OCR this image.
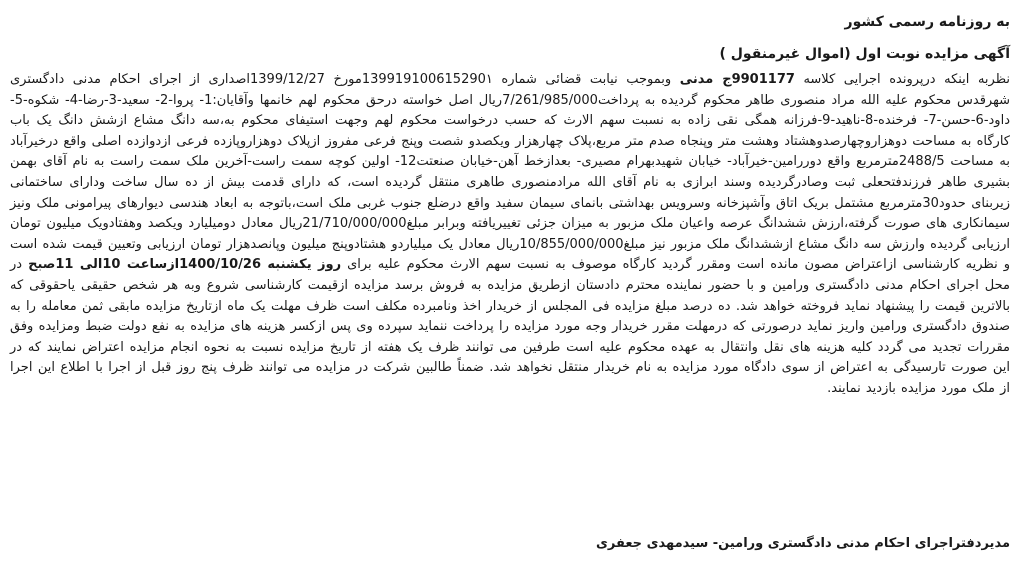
به روزنامه رسمی کشور
آگهی مزایده نوبت اول (اموال غیرمنقول )

نظربه اینکه درپرونده اجرایی کلاسه 9901177ج مدنی وبموجب نیابت قضائی شماره 139919100615290۱مورخ 1399/12/27اصداری از اجرای احکام مدنی دادگستری شهرقدس محکوم علیه الله مراد منصوری طاهر محکوم گردیده به پرداخت7/261/985/000ریال اصل خواسته درحق محکوم لهم خانمها وآقایان:1- پروا-2- سعید-3-رضا-4- شکوه-5- داود-6-حسن-7- فرخنده-8-ناهید-9-فرزانه همگی نقی زاده به نسبت سهم الارث که حسب درخواست محکوم لهم وجهت استیفای محکوم به،سه دانگ مشاع ازشش دانگ یک باب کارگاه به مساحت دوهزاروچهارصدوهشتاد وهشت متر وپنجاه صدم متر مربع،پلاک چهارهزار ویکصدو شصت وپنج فرعی مفروز ازپلاک دوهزاروپازده فرعی ازدوازده اصلی واقع درخیرآباد به مساحت 2488/5مترمربع واقع دوررامین-خیرآباد- خیابان شهیدبهرام مصیری- بعدازخط آهن-خیابان صنعتت12- اولین کوچه سمت راست-آخرین ملک سمت راست به نام آقای بهمن بشیری طاهر فرزندفتحعلی ثبت وصادرگردیده وسند ابرازی به نام آقای الله مرادمنصوری طاهری منتقل گردیده است، که دارای قدمت بیش از ده سال ساخت ودارای ساختمانی زیربنای حدود30مترمربع مشتمل بریک اتاق وآشپزخانه وسرویس بهداشتی بانمای سیمان سفید واقع درضلع جنوب غربی ملک است،باتوجه به ابعاد هندسی دیوارهای پیرامونی ملک ونیز سیمانکاری های صورت گرفته،ارزش ششدانگ عرصه واعیان ملک مزبور به میزان جزئی تغییریافته وبرابر مبلغ21/710/000/000ریال معادل دومیلیارد ویکصد وهفتادویک میلیون تومان ارزیابی گردیده وارزش سه دانگ مشاع ازششدانگ ملک مزبور نیز مبلغ10/855/000/000ریال معادل یک میلیاردو هشتادوپنج میلیون وپانصدهزار تومان ارزیابی وتعیین قیمت شده است و نظریه کارشناسی ازاعتراض مصون مانده است ومقرر گردید کارگاه موصوف به نسبت سهم الارث محکوم علیه برای روز یکشنبه 1400/10/26ازساعت 10الی 11صبح در محل اجرای احکام مدنی دادگستری ورامین و با حضور نماینده محترم دادستان ازطریق مزایده به فروش برسد مزایده ازقیمت کارشناسی شروع وبه هر شخص حقیقی یاحقوقی که بالاترین قیمت را پیشنهاد نماید فروخته خواهد شد. ده درصد مبلغ مزایده فی المجلس از خریدار اخذ ونامبرده مکلف است ظرف مهلت یک ماه ازتاریخ مزایده مابقی ثمن معامله را به صندوق دادگستری ورامین واریز نماید درصورتی که درمهلت مقرر خریدار وجه مورد مزایده را پرداخت ننماید سپرده وی پس ازکسر هزینه های مزایده به نفع دولت ضبط ومزایده وفق مقررات تجدید می گردد کلیه هزینه های نقل وانتقال به عهده محکوم علیه است طرفین می توانند ظرف یک هفته از تاریخ مزایده نسبت به نحوه انجام مزایده اعتراض نمایند که در این صورت تارسیدگی به اعتراض از سوی دادگاه مورد مزایده به نام خریدار منتقل نخواهد شد. ضمناً طالبین شرکت در مزایده می توانند ظرف پنج روز قبل از اجرا با اطلاع این اجرا از ملک مورد مزایده بازدید نمایند.

مدیردفتراجرای احکام مدنی دادگستری ورامین- سیدمهدی جعفری
